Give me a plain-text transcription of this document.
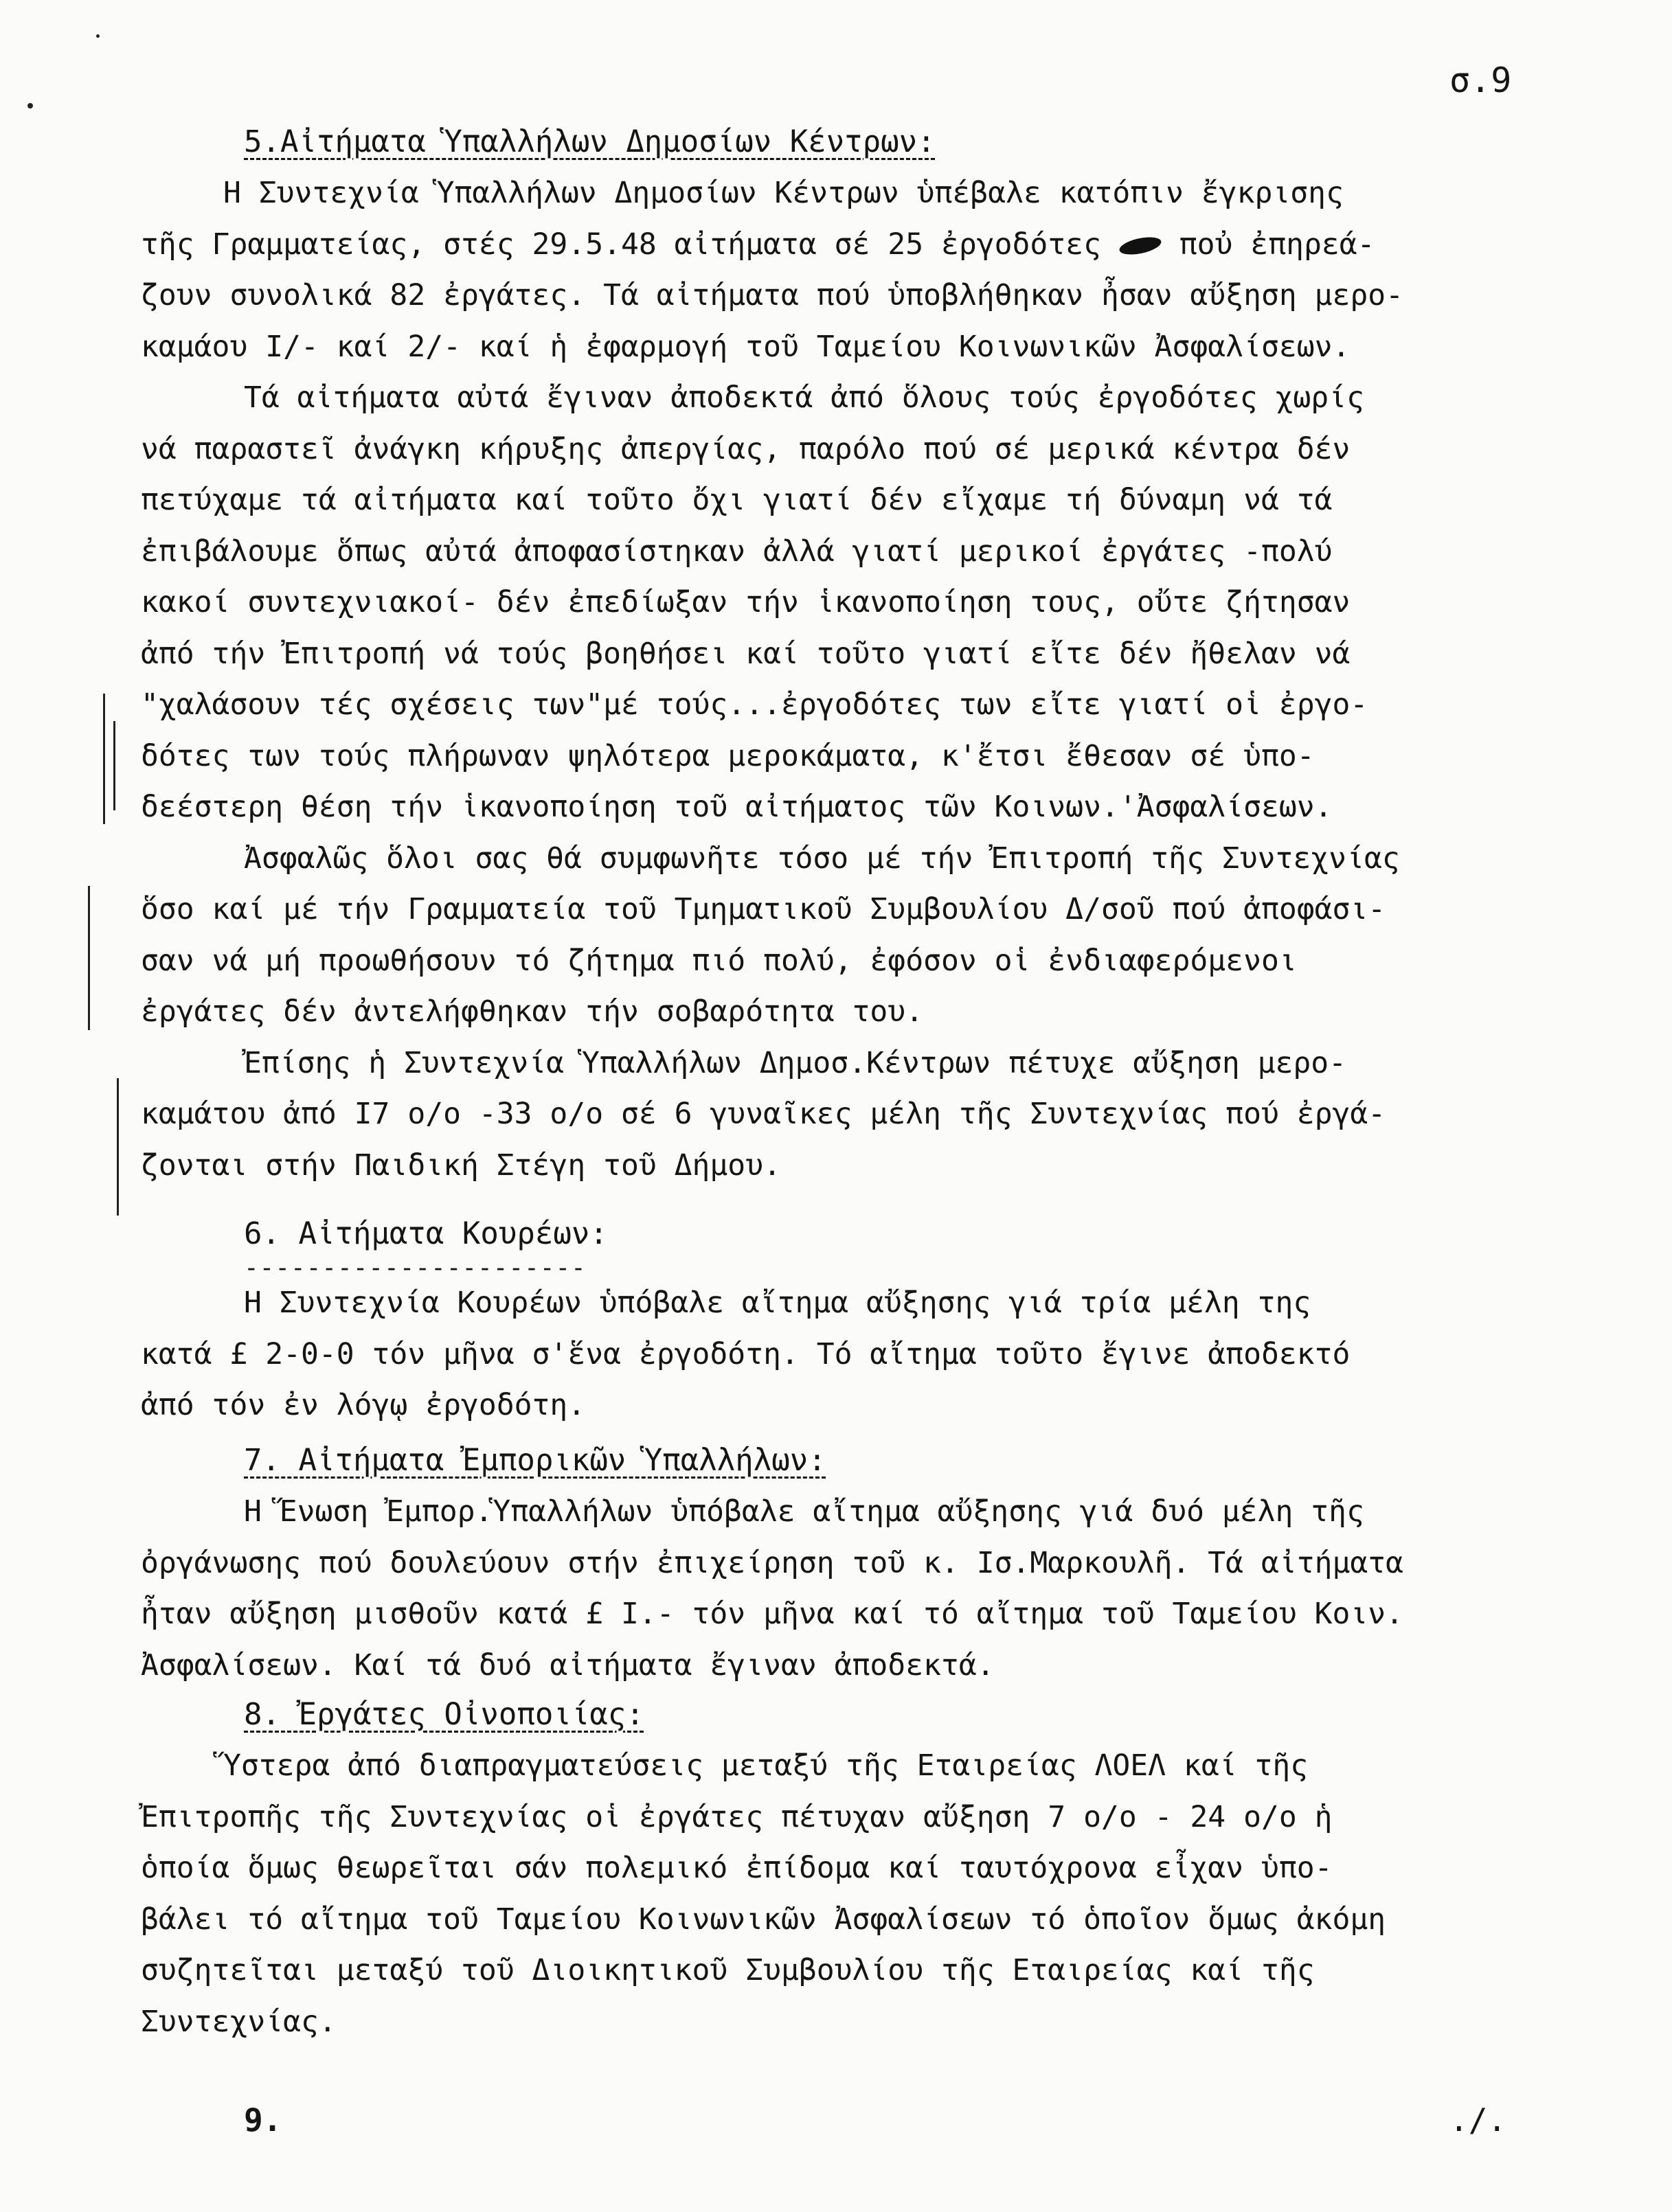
σ.9
5.Αἰτήματα Ὑπαλλήλων Δημοσίων Κέντρων:
Η Συντεχνία Ὑπαλλήλων Δημοσίων Κέντρων ὑπέβαλε κατόπιν ἔγκρισης
τῆς Γραμματείας, στές 29.5.48 αἰτήματα σέ 25 ἐργοδότες	ποὐ ἐπηρεά-
ζουν συνολικά 82 ἐργάτες. Τά αἰτήματα πού ὑποβλήθηκαν ἦσαν αὔξηση μερο-
καμάου Ι/- καί 2/- καί ἡ ἐφαρμογή τοῦ Ταμείου Κοινωνικῶν Ἀσφαλίσεων.
Τά αἰτήματα αὐτά ἔγιναν ἀποδεκτά ἀπό ὅλους τούς ἐργοδότες χωρίς
νά παραστεῖ ἀνάγκη κήρυξης ἀπεργίας, παρόλο πού σέ μερικά κέντρα δέν
πετύχαμε τά αἰτήματα καί τοῦτο ὄχι γιατί δέν εἴχαμε τή δύναμη νά τά
ἐπιβάλουμε ὅπως αὐτά ἀποφασίστηκαν ἀλλά γιατί μερικοί ἐργάτες -πολύ
κακοί συντεχνιακοί- δέν ἐπεδίωξαν τήν ἱκανοποίηση τους, οὔτε ζήτησαν
ἀπό τήν Ἐπιτροπή νά τούς βοηθήσει καί τοῦτο γιατί εἴτε δέν ἤθελαν νά
"χαλάσουν τές σχέσεις των"μέ τούς...ἐργοδότες των εἴτε γιατί οἱ ἐργο-
δότες των τούς πλήρωναν ψηλότερα μεροκάματα, κ'ἔτσι ἔθεσαν σέ ὑπο-
δεέστερη θέση τήν ἱκανοποίηση τοῦ αἰτήματος τῶν Κοινων.'Ἀσφαλίσεων.
Ἀσφαλῶς ὅλοι σας θά συμφωνῆτε τόσο μέ τήν Ἐπιτροπή τῆς Συντεχνίας
ὅσο καί μέ τήν Γραμματεία τοῦ Τμηματικοῦ Συμβουλίου Δ/σοῦ πού ἀποφάσι-
σαν νά μή προωθήσουν τό ζήτημα πιό πολύ, ἐφόσον οἱ ἐνδιαφερόμενοι
ἐργάτες δέν ἀντελήφθηκαν τήν σοβαρότητα του.
Ἐπίσης ἡ Συντεχνία Ὑπαλλήλων Δημοσ.Κέντρων πέτυχε αὔξηση μερο-
καμάτου ἀπό Ι7 ο/ο -33 ο/ο σέ 6 γυναῖκες μέλη τῆς Συντεχνίας πού ἐργά-
ζονται στήν Παιδική Στέγη τοῦ Δήμου.
6. Αἰτήματα Κουρέων:
----------------------
Η Συντεχνία Κουρέων ὑπόβαλε αἴτημα αὔξησης γιά τρία μέλη της
κατά £ 2-0-0 τόν μῆνα σ'ἕνα ἐργοδότη. Τό αἴτημα τοῦτο ἔγινε ἀποδεκτό
ἀπό τόν ἐν λόγῳ ἐργοδότη.
7. Αἰτήματα Ἐμπορικῶν Ὑπαλλήλων:
Η Ἕνωση Ἐμπορ.Ὑπαλλήλων ὑπόβαλε αἴτημα αὔξησης γιά δυό μέλη τῆς
ὀργάνωσης πού δουλεύουν στήν ἐπιχείρηση τοῦ κ. Ισ.Μαρκουλῆ. Τά αἰτήματα
ἦταν αὔξηση μισθοῦν κατά £ Ι.- τόν μῆνα καί τό αἴτημα τοῦ Ταμείου Κοιν.
Ἀσφαλίσεων. Καί τά δυό αἰτήματα ἔγιναν ἀποδεκτά.
8. Ἐργάτες Οἰνοποιίας:
Ὕστερα ἀπό διαπραγματεύσεις μεταξύ τῆς Εταιρείας ΛΟΕΛ καί τῆς
Ἐπιτροπῆς τῆς Συντεχνίας οἱ ἐργάτες πέτυχαν αὔξηση 7 ο/ο - 24 ο/ο ἡ
ὁποία ὅμως θεωρεῖται σάν πολεμικό ἐπίδομα καί ταυτόχρονα εἶχαν ὑπο-
βάλει τό αἴτημα τοῦ Ταμείου Κοινωνικῶν Ἀσφαλίσεων τό ὁποῖον ὅμως ἀκόμη
συζητεῖται μεταξύ τοῦ Διοικητικοῦ Συμβουλίου τῆς Εταιρείας καί τῆς
Συντεχνίας.
9.	./.
